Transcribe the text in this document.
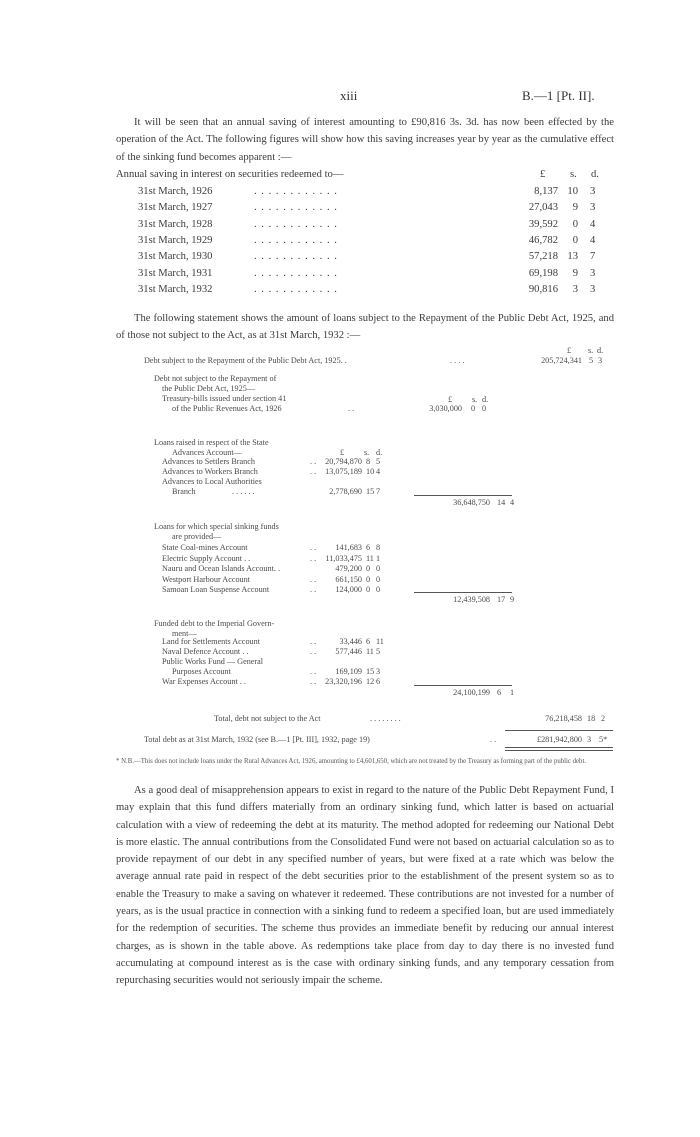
xiii	B.—1 [Pt. II].
It will be seen that an annual saving of interest amounting to £90,816 3s. 3d. has now been effected by the operation of the Act. The following figures will show how this saving increases year by year as the cumulative effect of the sinking fund becomes apparent :—
Annual saving in interest on securities redeemed to—	£ s. d.
31st March, 1926	. . . . . . . . . . . .	8,137 10 3
31st March, 1927	. . . . . . . . . . . .	27,043	9 3
31st March, 1928	. . . . . . . . . . . .	39,592	0 4
31st March, 1929	. . . . . . . . . . . .	46,782	0 4
31st March, 1930	. . . . . . . . . . . .	57,218 13 7
31st March, 1931	. . . . . . . . . . . .	69,198	9 3
31st March, 1932	. . . . . . . . . . . .	90,816	3 3
The following statement shows the amount of loans subject to the Repayment of the Public Debt Act, 1925, and of those not subject to the Act, as at 31st March, 1932 :—
£ s. d.
Debt subject to the Repayment of the Public Debt Act, 1925. .	. . . .	205,724,341 5 3
Debt not subject to the Repayment of
the Public Debt Act, 1925—
Treasury-bills issued under section 41
of the Public Revenues Act, 1926	. .
£ s. d.
3,030,000 0 0
Loans raised in respect of the State
Advances Account—	£ s. d.
Advances to Settlers Branch	. .	20,794,870 8 5
Advances to Workers Branch	. .	13,075,189 10 4
Advances to Local Authorities
Branch	. . . . . .	2,778,690 15 7
36,648,750 14 4
Loans for which special sinking funds
are provided—
State Coal-mines Account	. .	141,683 6 8
Electric Supply Account . .	. .	11,033,475 11 1
Nauru and Ocean Islands Account. .	479,200 0 0
Westport Harbour Account	. .	661,150 0 0
Samoan Loan Suspense Account	. .	124,000 0 0
12,439,508 17 9
Funded debt to the Imperial Govern-
ment—
Land for Settlements Account	. .	33,446 6 11
Naval Defence Account . .	. .	577,446 11 5
Public Works Fund — General
Purposes Account	. .	169,109 15 3
War Expenses Account . .	. .	23,320,196 12 6
24,100,199 6 1
Total, debt not subject to the Act	. . . . . . . .	76,218,458 18 2
Total debt as at 31st March, 1932 (see B.—1 [Pt. III], 1932, page 19)	. .	£281,942,800 3 5*
* N.B.—This does not include loans under the Rural Advances Act, 1926, amounting to £4,601,650, which are not treated by the Treasury as forming part of the public debt.
As a good deal of misapprehension appears to exist in regard to the nature of the Public Debt Repayment Fund, I may explain that this fund differs materially from an ordinary sinking fund, which latter is based on actuarial calculation with a view of redeeming the debt at its maturity. The method adopted for redeeming our National Debt is more elastic. The annual contributions from the Consolidated Fund were not based on actuarial calculation so as to provide repayment of our debt in any specified number of years, but were fixed at a rate which was below the average annual rate paid in respect of the debt securities prior to the establishment of the present system so as to enable the Treasury to make a saving on whatever it redeemed. These contributions are not invested for a number of years, as is the usual practice in connection with a sinking fund to redeem a specified loan, but are used immediately for the redemption of securities. The scheme thus provides an immediate benefit by reducing our annual interest charges, as is shown in the table above. As redemptions take place from day to day there is no invested fund accumulating at compound interest as is the case with ordinary sinking funds, and any temporary cessation from repurchasing securities would not seriously impair the scheme.
